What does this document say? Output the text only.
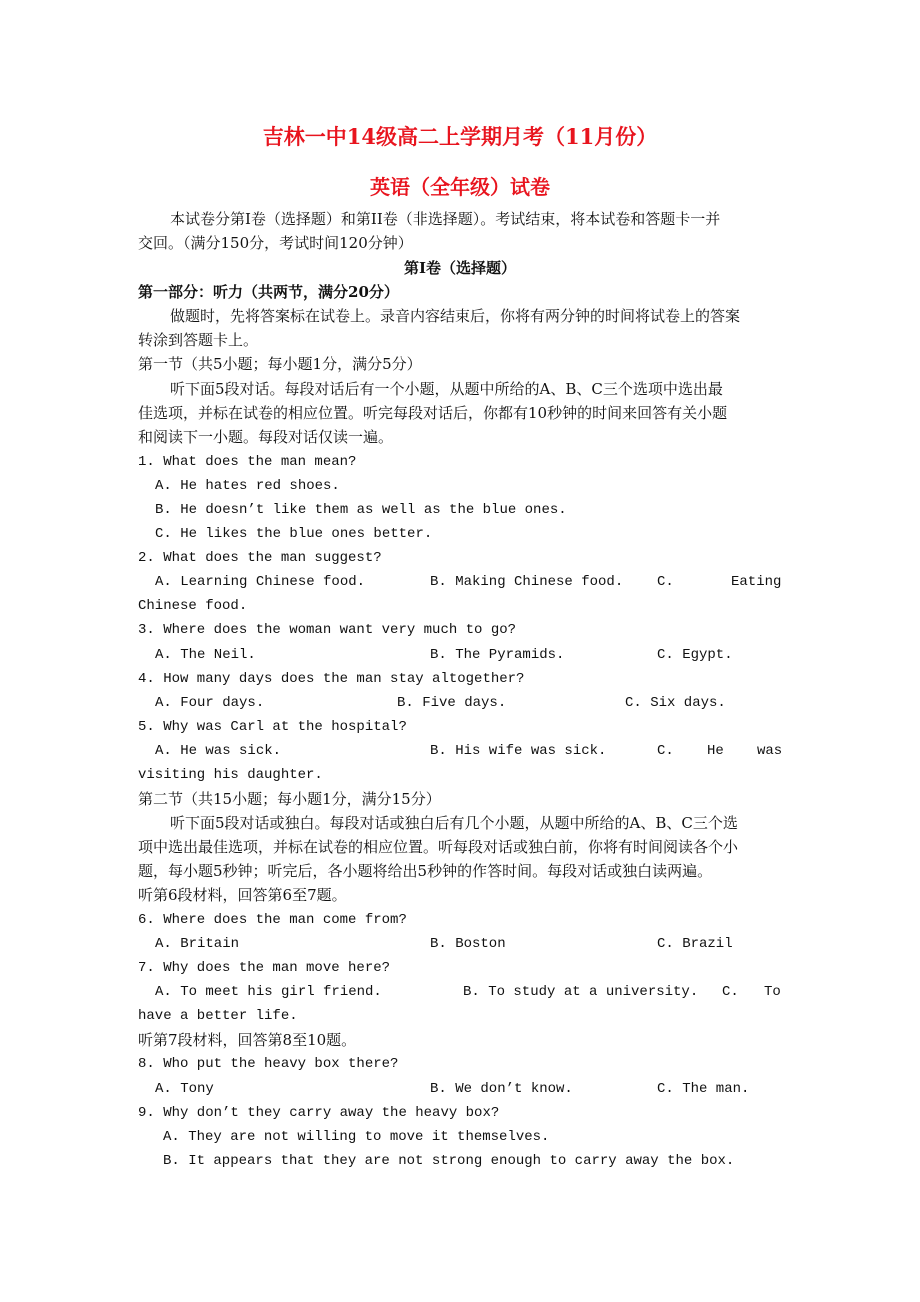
吉林一中14级高二上学期月考（11月份）
英语（全年级）试卷
本试卷分第Ⅰ卷（选择题）和第II卷（非选择题）。考试结束，将本试卷和答题卡一并
交回。（满分150分，考试时间120分钟）
第Ⅰ卷（选择题）
第一部分：听力（共两节，满分20分）
做题时，先将答案标在试卷上。录音内容结束后，你将有两分钟的时间将试卷上的答案
转涂到答题卡上。
第一节（共5小题；每小题1分，满分5分）
听下面5段对话。每段对话后有一个小题，从题中所给的A、B、C三个选项中选出最
佳选项，并标在试卷的相应位置。听完每段对话后，你都有10秒钟的时间来回答有关小题
和阅读下一小题。每段对话仅读一遍。
1. What does the man mean?
A. He hates red shoes.
B. He doesn’t like them as well as the blue ones.
C. He likes the blue ones better.
2. What does the man suggest?
A. Learning Chinese food.	B. Making Chinese food. C.	Eating
Chinese food.
3. Where does the woman want very much to go?
A. The Neil.	B. The Pyramids.	C. Egypt.
4. How many days does the man stay altogether?
A. Four days.	B. Five days.	C. Six days.
5. Why was Carl at the hospital?
A. He was sick.	B. His wife was sick.	C. He was
visiting his daughter.
第二节（共15小题；每小题1分，满分15分）
听下面5段对话或独白。每段对话或独白后有几个小题，从题中所给的A、B、C三个选
项中选出最佳选项，并标在试卷的相应位置。听每段对话或独白前，你将有时间阅读各个小
题，每小题5秒钟；听完后，各小题将给出5秒钟的作答时间。每段对话或独白读两遍。
听第6段材料，回答第6至7题。
6. Where does the man come from?
A. Britain	B. Boston	C. Brazil
7. Why does the man move here?
A. To meet his girl friend.	B. To study at a university. C. To
have a better life.
听第7段材料，回答第8至10题。
8. Who put the heavy box there?
A. Tony	B. We don’t know.	C. The man.
9. Why don’t they carry away the heavy box?
A. They are not willing to move it themselves.
B. It appears that they are not strong enough to carry away the box.
